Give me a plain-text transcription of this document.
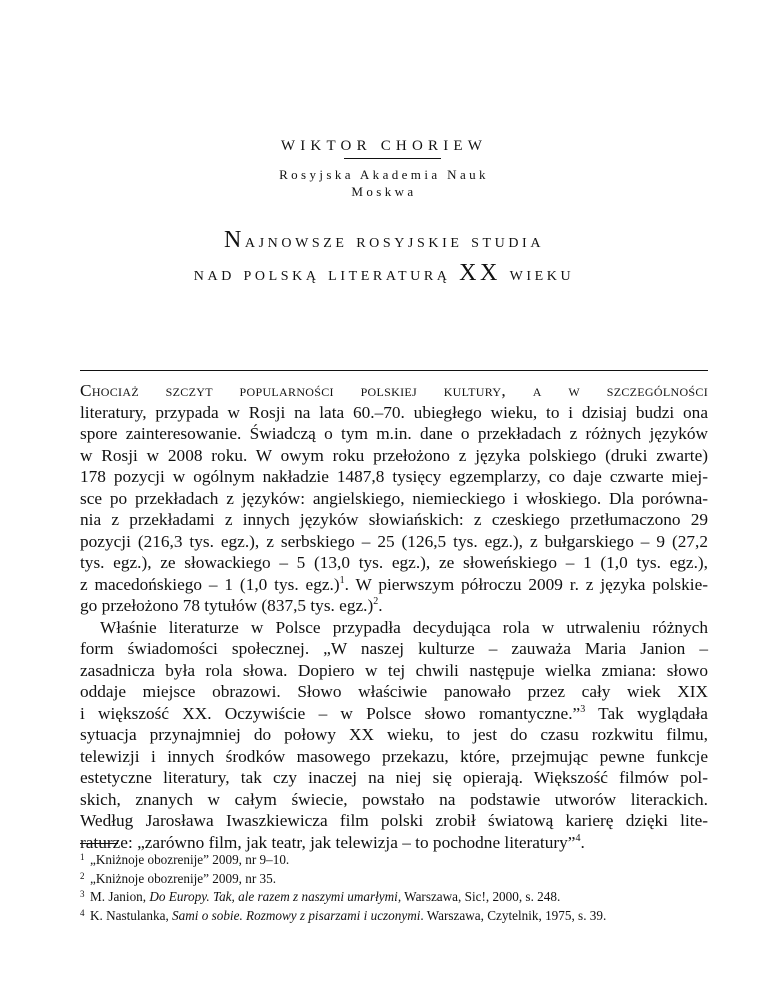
WIKTOR CHORIEW
Rosyjska Akademia Nauk
Moskwa
Najnowsze rosyjskie studia
nad polską literaturą XX wieku
Chociaż szczyt popularności polskiej kultury, a w szczególności
literatury, przypada w Rosji na lata 60.–70. ubiegłego wieku, to i dzisiaj budzi ona
spore zainteresowanie. Świadczą o tym m.in. dane o przekładach z różnych języków
w Rosji w 2008 roku. W owym roku przełożono z języka polskiego (druki zwarte)
178 pozycji w ogólnym nakładzie 1487,8 tysięcy egzemplarzy, co daje czwarte miej-
sce po przekładach z języków: angielskiego, niemieckiego i włoskiego. Dla porówna-
nia z przekładami z innych języków słowiańskich: z czeskiego przetłumaczono 29
pozycji (216,3 tys. egz.), z serbskiego – 25 (126,5 tys. egz.), z bułgarskiego – 9 (27,2
tys. egz.), ze słowackiego – 5 (13,0 tys. egz.), ze słoweńskiego – 1 (1,0 tys. egz.),
z macedońskiego – 1 (1,0 tys. egz.)$^1$. W pierwszym półroczu 2009 r. z języka polskie-
go przełożono 78 tytułów (837,5 tys. egz.)$^2$.
Właśnie literaturze w Polsce przypadła decydująca rola w utrwaleniu różnych
form świadomości społecznej. „W naszej kulturze – zauważa Maria Janion –
zasadnicza była rola słowa. Dopiero w tej chwili następuje wielka zmiana: słowo
oddaje miejsce obrazowi. Słowo właściwie panowało przez cały wiek XIX
i większość XX. Oczywiście – w Polsce słowo romantyczne.”$^3$ Tak wyglądała
sytuacja przynajmniej do połowy XX wieku, to jest do czasu rozkwitu filmu,
telewizji i innych środków masowego przekazu, które, przejmując pewne funkcje
estetyczne literatury, tak czy inaczej na niej się opierają. Większość filmów pol-
skich, znanych w całym świecie, powstało na podstawie utworów literackich.
Według Jarosława Iwaszkiewicza film polski zrobił światową karierę dzięki lite-
raturze: „zarówno film, jak teatr, jak telewizja – to pochodne literatury”$^4$.
1 „Kniżnoje obozrenije” 2009, nr 9–10.
2 „Kniżnoje obozrenije” 2009, nr 35.
3 M. Janion, Do Europy. Tak, ale razem z naszymi umarłymi, Warszawa, Sic!, 2000, s. 248.
4 K. Nastulanka, Sami o sobie. Rozmowy z pisarzami i uczonymi. Warszawa, Czytelnik, 1975, s. 39.
